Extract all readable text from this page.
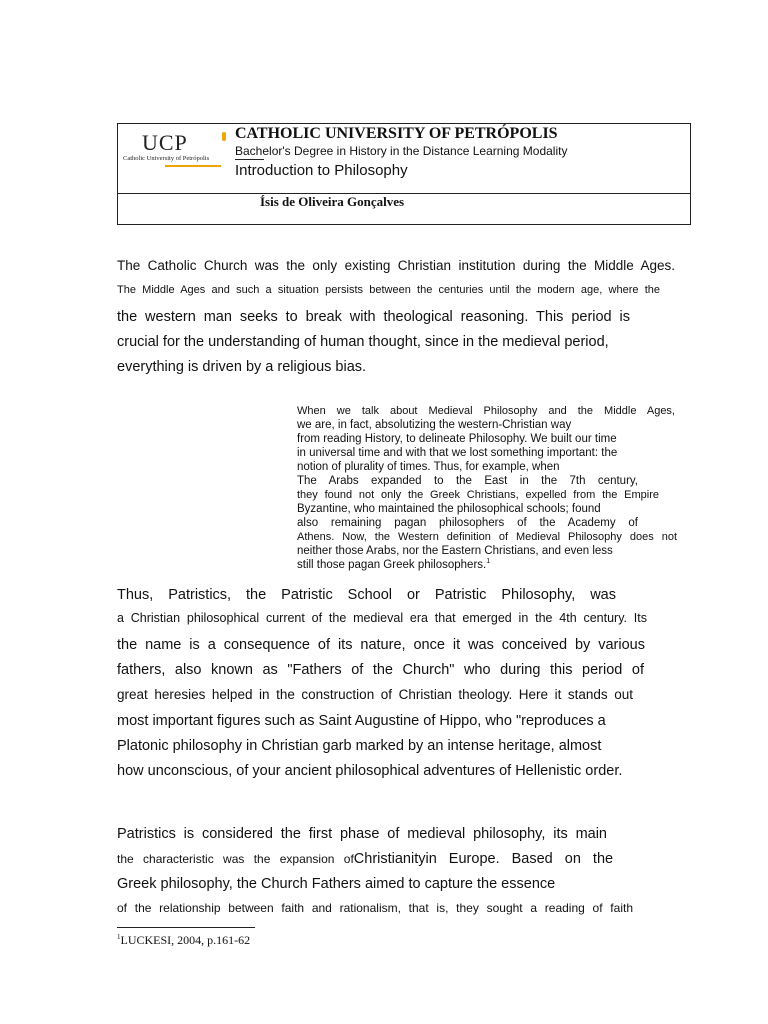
UCP
Catholic University of Petrópolis
CATHOLIC UNIVERSITY OF PETRÓPOLIS
Bachelor's Degree in History in the Distance Learning Modality
Introduction to Philosophy
Ísis de Oliveira Gonçalves
The Catholic Church was the only existing Christian institution during the Middle Ages.
The Middle Ages and such a situation persists between the centuries until the modern age, where the
the western man seeks to break with theological reasoning. This period is
crucial for the understanding of human thought, since in the medieval period,
everything is driven by a religious bias.
When we talk about Medieval Philosophy and the Middle Ages,
we are, in fact, absolutizing the western-Christian way
from reading History, to delineate Philosophy. We built our time
in universal time and with that we lost something important: the
notion of plurality of times. Thus, for example, when
The Arabs expanded to the East in the 7th century,
they found not only the Greek Christians, expelled from the Empire
Byzantine, who maintained the philosophical schools; found
also remaining pagan philosophers of the Academy of
Athens. Now, the Western definition of Medieval Philosophy does not
neither those Arabs, nor the Eastern Christians, and even less
still those pagan Greek philosophers.$^1$
Thus, Patristics, the Patristic School or Patristic Philosophy, was
a Christian philosophical current of the medieval era that emerged in the 4th century. Its
the name is a consequence of its nature, once it was conceived by various
fathers, also known as "Fathers of the Church" who during this period of
great heresies helped in the construction of Christian theology. Here it stands out
most important figures such as Saint Augustine of Hippo, who "reproduces a
Platonic philosophy in Christian garb marked by an intense heritage, almost
how unconscious, of your ancient philosophical adventures of Hellenistic order.
Patristics is considered the first phase of medieval philosophy, its main
the characteristic was the expansion ofChristianityin Europe. Based on the
Greek philosophy, the Church Fathers aimed to capture the essence
of the relationship between faith and rationalism, that is, they sought a reading of faith
$^1$LUCKESI, 2004, p.161-62
